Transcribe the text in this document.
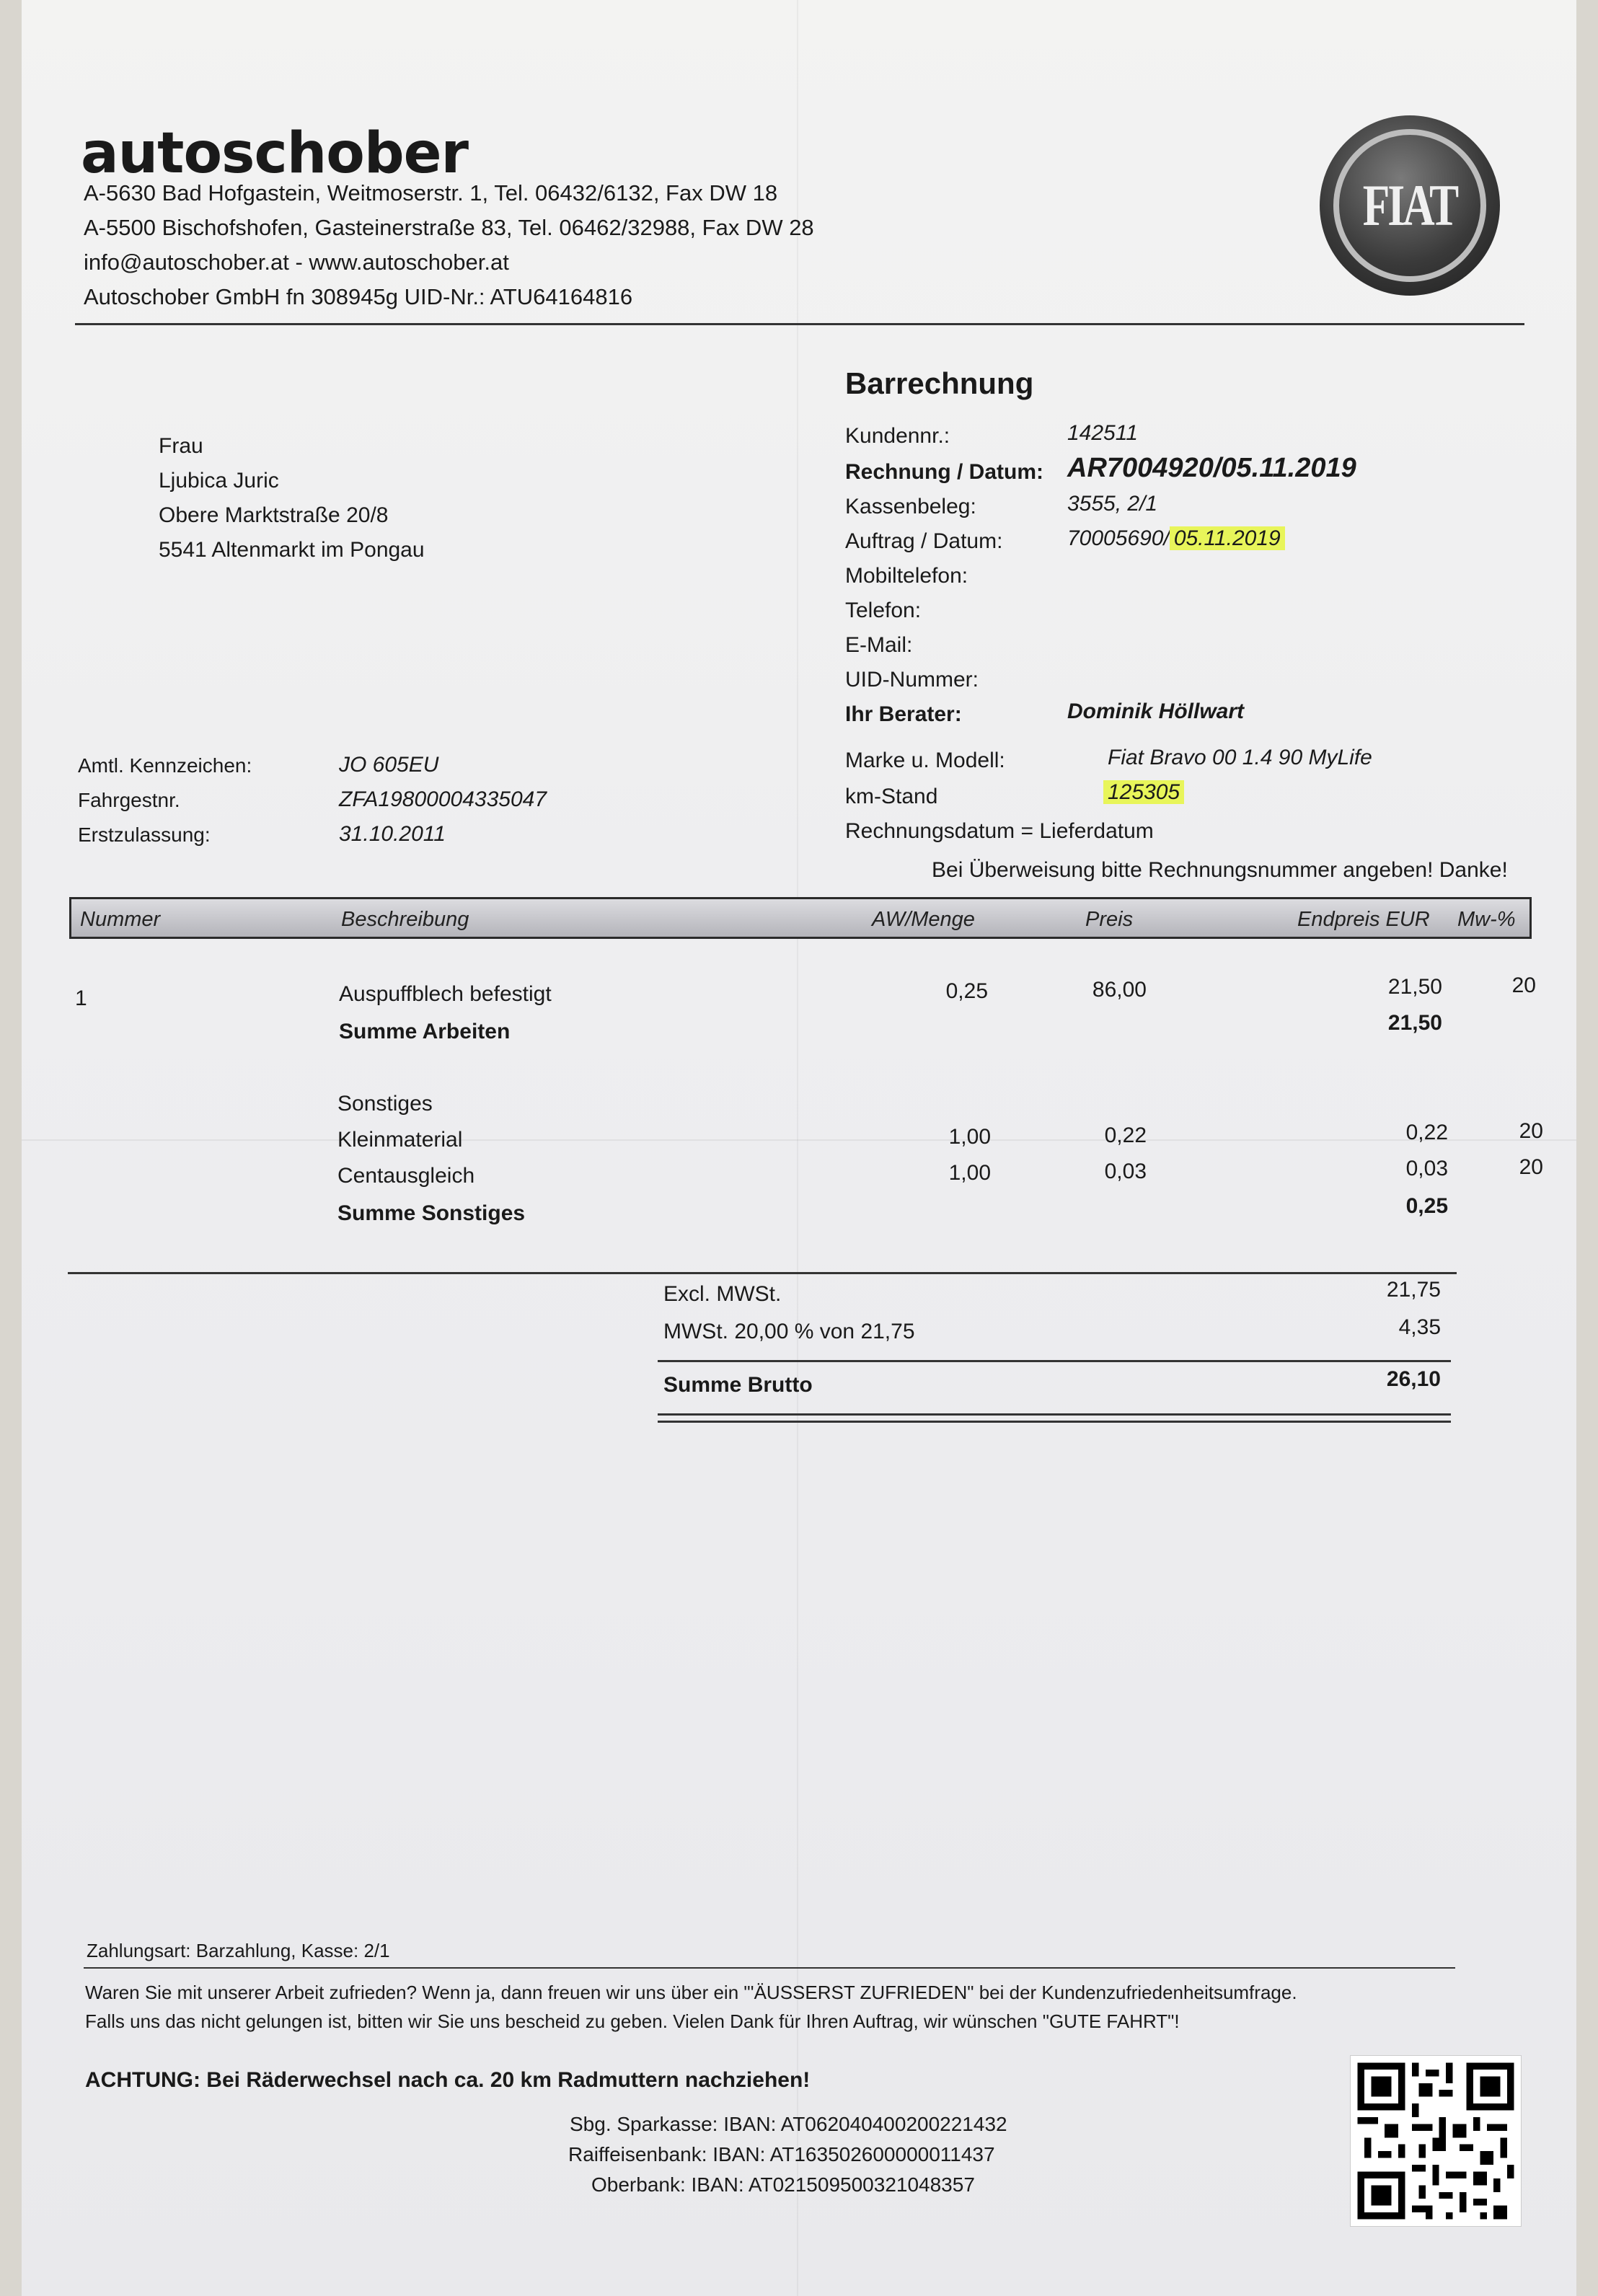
autoschober
A-5630 Bad Hofgastein, Weitmoserstr. 1, Tel. 06432/6132, Fax DW 18
A-5500 Bischofshofen, Gasteinerstraße 83, Tel. 06462/32988, Fax DW 28
info@autoschober.at - www.autoschober.at
Autoschober GmbH fn 308945g UID-Nr.: ATU64164816
FIAT
Frau
Ljubica Juric
Obere Marktstraße 20/8
5541 Altenmarkt im Pongau
Barrechnung
Kundennr.:	142511
Rechnung / Datum: AR7004920/05.11.2019
Kassenbeleg:	3555, 2/1
Auftrag / Datum:	70005690/ 05.11.2019
Mobiltelefon:
Telefon:
E-Mail:
UID-Nummer:
Ihr Berater:	Dominik Höllwart
Amtl. Kennzeichen:	JO 605EU
Fahrgestnr.	ZFA19800004335047
Erstzulassung:	31.10.2011
Marke u. Modell:	Fiat Bravo 00 1.4 90 MyLife
km-Stand	125305
Rechnungsdatum = Lieferdatum
Bei Überweisung bitte Rechnungsnummer angeben! Danke!
Nummer	Beschreibung	AW/Menge	Preis	Endpreis EUR Mw-%
1	Auspuffblech befestigt	0,25	86,00	21,50	20
Summe Arbeiten	21,50
Sonstiges
Kleinmaterial	1,00	0,22	0,22	20
Centausgleich	1,00	0,03	0,03	20
Summe Sonstiges	0,25
Excl. MWSt.	21,75
MWSt. 20,00 % von 21,75	4,35
Summe Brutto	26,10
Zahlungsart: Barzahlung, Kasse: 2/1
Waren Sie mit unserer Arbeit zufrieden? Wenn ja, dann freuen wir uns über ein "'ÄUSSERST ZUFRIEDEN" bei der Kundenzufriedenheitsumfrage.
Falls uns das nicht gelungen ist, bitten wir Sie uns bescheid zu geben. Vielen Dank für Ihren Auftrag, wir wünschen "GUTE FAHRT"!
ACHTUNG: Bei Räderwechsel nach ca. 20 km Radmuttern nachziehen!
Sbg. Sparkasse: IBAN: AT062040400200221432
Raiffeisenbank: IBAN: AT163502600000011437
Oberbank: IBAN: AT021509500321048357
